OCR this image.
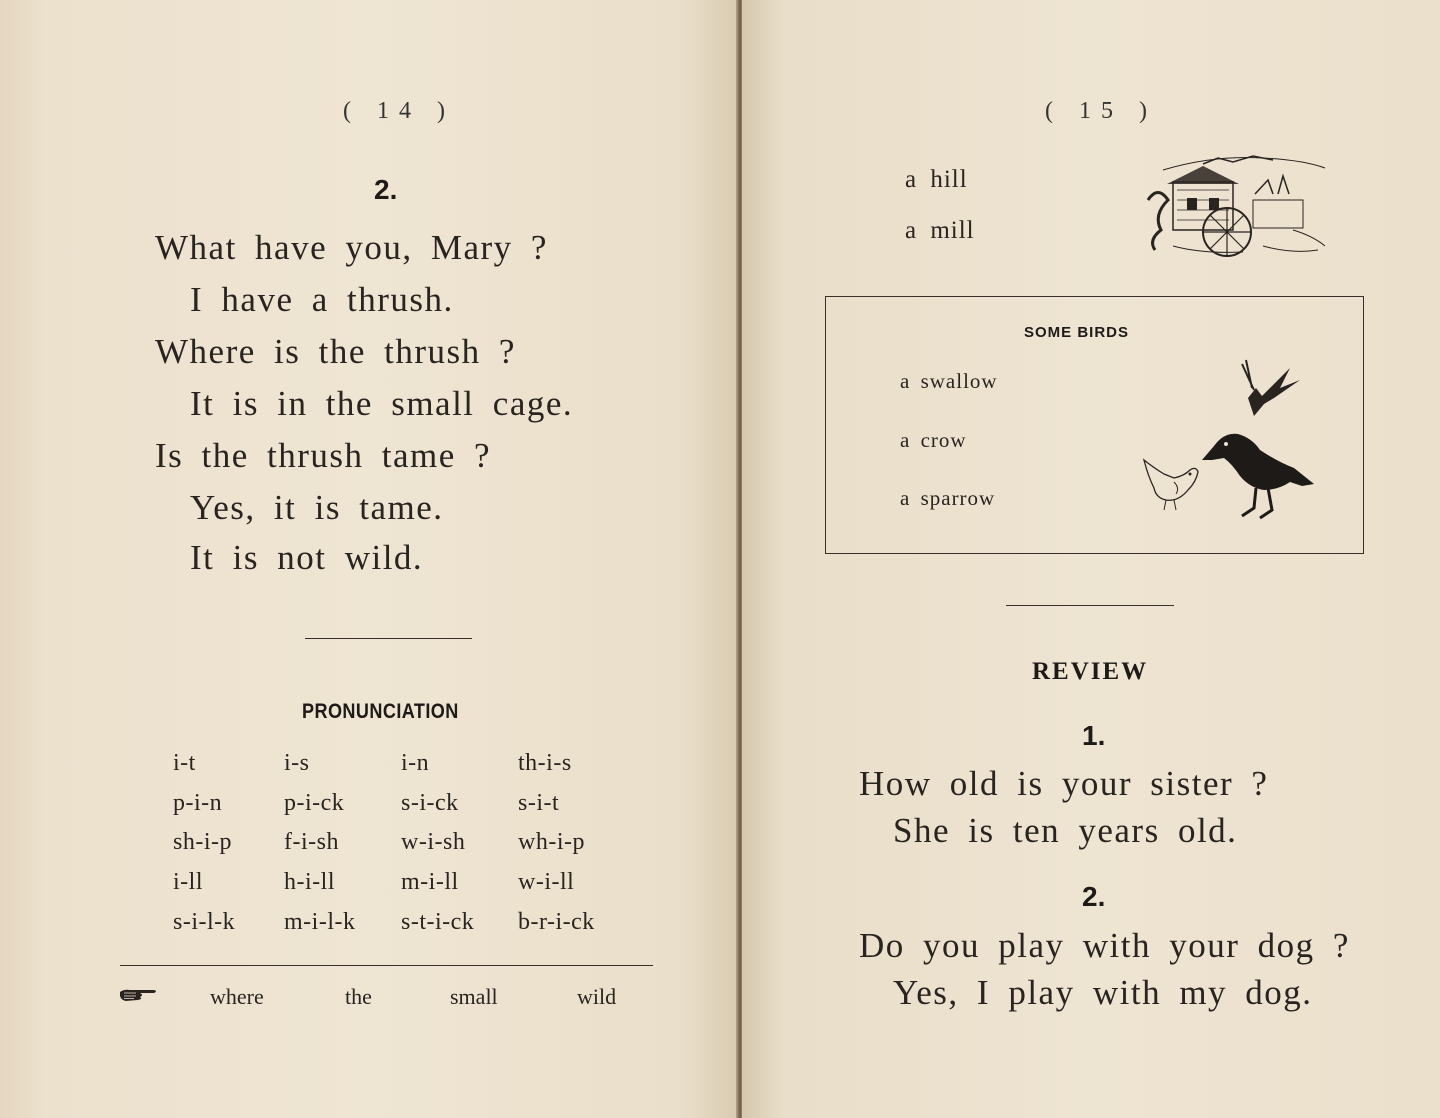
( 14 )
2.
What have you, Mary ?
I have a thrush.
Where is the thrush ?
It is in the small cage.
Is the thrush tame ?
Yes, it is tame.
It is not wild.
PRONUNCIATION
i-t	i-s	i-n	th-i-s
p-i-n	p-i-ck s-i-ck s-i-t
sh-i-p f-i-sh	w-i-sh wh-i-p
i-ll	h-i-ll	m-i-ll w-i-ll
s-i-l-k m-i-l-k s-t-i-ck b-r-i-ck
where	the	small	wild
( 15 )
a hill
a mill
SOME BIRDS
a swallow
a crow
a sparrow
REVIEW
1.
How old is your sister ?
She is ten years old.
2.
Do you play with your dog ?
Yes, I play with my dog.
